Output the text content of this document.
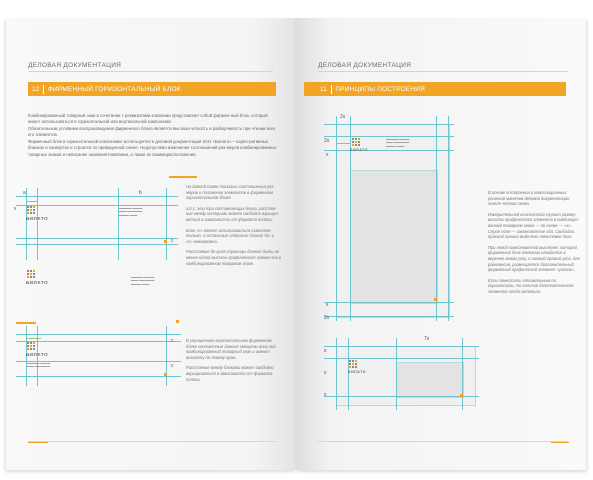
ДЕЛОВАЯ ДОКУМЕНТАЦИЯ
12 ФИРМЕННЫЙ ГОРИЗОНТАЛЬНЫЙ БЛОК

Комбинированный товарный знак в сочетании с реквизитами компании представляет собой фирмен-ный блок, который может использоваться в горизонтальной или вертикальной компоновке.

Обязательным условием воспроизведения фирменного блока является высокая четкость и разборчивость при чтении всех его элементов.

Фирменный блок в горизонтальной компоновке используется в деловой документации ЗАО «Билато» – корпо-ративных бланках и конвертах и строится по приведенной схеме. Недопустимо изменение соотношений раз-меров комбинированных товарных знаков и написание названия Компании, а также их взаиморасположения.

a	b
c
x
БИЛАТО
▬▬▬▬▬ ▬▬▬▬
▬▬▬ ▬▬▬▬▬▬
▬▬▬▬ ▬▬▬
БИЛАТО
▬▬▬▬▬ ▬▬▬▬
▬▬▬ ▬▬▬▬▬▬
▬▬▬▬ ▬▬▬

На данной схеме показаны соотношения раз-меров и положение элементов в фирменном горизонтальном блоке

a,b,c, это три составляющих блока, расстоя-ние между которыми может свободно варьиро-ваться в зависимости от формата полосы.

Блок «c» может использоваться самостоя-тельно, а остальные отдельно блоков «b» и «c» невозможно.

Расстояние до края страницы должно быть не менее одной высоты графического элемен-та в комбинированном товарном знаке.

БИЛАТО
▬▬▬▬▬ ▬▬▬▬
▬▬▬ ▬▬▬▬▬▬
c
c

В упрощенном горизонтальном фирменном блоке контактные данные смещены вниз под комбинированный товарный знак и имеют выключку по левому краю.

Расстояние между блоками может свободно варьироваться в зависимости от формата полосы.

ДЕЛОВАЯ ДОКУМЕНТАЦИЯ
11 ПРИНЦИПЫ ПОСТРОЕНИЯ
2x
2x
x
x
2x
БИЛАТО
▬▬▬▬▬ ▬▬▬▬
▬▬▬ ▬▬▬▬▬▬
▬▬▬▬ ▬▬▬
7x
x
x
x
БИЛАТО

В основе построения и композиционных решений макетов деловой документации лежит четкая схема.

Измерительной константой служит размер высоты графического элемента в комбиниро-ванном товарном знаке — по схеме — «x». Серое поле — законтактное обл. Свободна. Красной линией выделено текстовое поле.

При левой компоновочной выключке, которой фирменный блок компании находится в верхнем левом углу, а нижний правый угол, для равновесия, размещается дополнительный фирменный графический элемент «уголок».

Если поместить оптимальным по горизонтали, то наличие дополнительного элемента необя-зательно.
